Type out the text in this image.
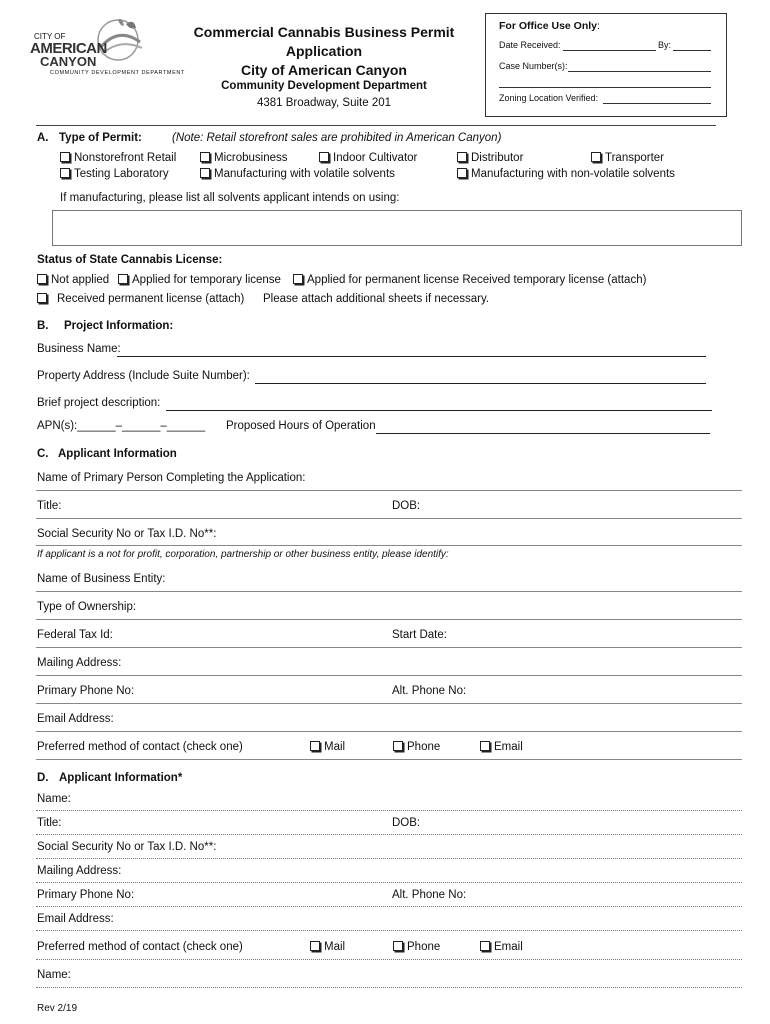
CITY OF
AMERICAN
CANYON
COMMUNITY DEVELOPMENT DEPARTMENT
Commercial Cannabis Business Permit
Application
City of American Canyon
Community Development Department
4381 Broadway, Suite 201
For Office Use Only:
Date Received:	By:
Case Number(s):
Zoning Location Verified:
A. Type of Permit:	(Note: Retail storefront sales are prohibited in American Canyon)
Nonstorefront Retail	Microbusiness	Indoor Cultivator	Distributor	Transporter
Testing Laboratory	Manufacturing with volatile solvents	Manufacturing with non-volatile solvents
If manufacturing, please list all solvents applicant intends on using:
Status of State Cannabis License:
Not applied	Applied for temporary license	Applied for permanent license Received temporary license (attach)
Received permanent license (attach) Please attach additional sheets if necessary.
B. Project Information:
Business Name:
Property Address (Include Suite Number):
Brief project description:
APN(s):______–______–______ Proposed Hours of Operation
C. Applicant Information
Name of Primary Person Completing the Application:
Title:	DOB:
Social Security No or Tax I.D. No**:
If applicant is a not for profit, corporation, partnership or other business entity, please identify:
Name of Business Entity:
Type of Ownership:
Federal Tax Id:	Start Date:
Mailing Address:
Primary Phone No:	Alt. Phone No:
Email Address:
Preferred method of contact (check one)	Mail	Phone	Email
D. Applicant Information*
Name:
Title:	DOB:
Social Security No or Tax I.D. No**:
Mailing Address:
Primary Phone No:	Alt. Phone No:
Email Address:
Preferred method of contact (check one)	Mail	Phone	Email
Name:
Rev 2/19
